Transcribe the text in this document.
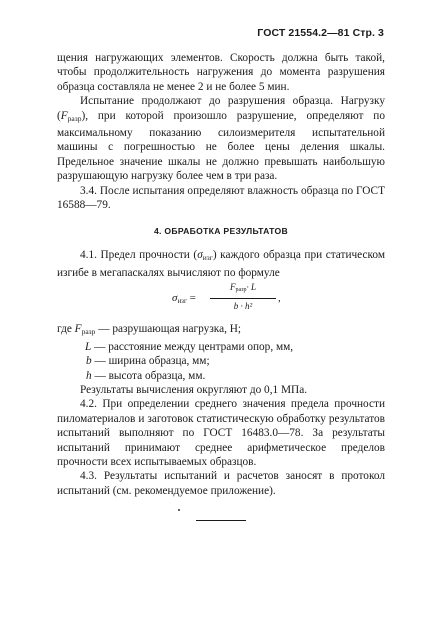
ГОСТ 21554.2—81 Стр. 3

щения нагружающих элементов. Скорость должна быть такой, чтобы продолжительность нагружения до момента разрушения образца составляла не менее 2 и не более 5 мин.

Испытание продолжают до разрушения образца. Нагрузку $(F_{разр})$, при которой произошло разрушение, определяют по максимальному показанию силоизмерителя испытательной машины с погрешностью не более цены деления шкалы. Предельное значение шкалы не должно превышать наибольшую разрушающую нагрузку более чем в три раза.

3.4. После испытания определяют влажность образца по ГОСТ 16588—79.

4. ОБРАБОТКА РЕЗУЛЬТАТОВ

4.1. Предел прочности $(\sigma_{изг})$ каждого образца при статическом изгибе в мегапаскалях вычисляют по формуле

$\sigma_{изг}$ =
$F_{разр}\cdot L$
b · h²
,
где $F_{разр}$ — разрушающая нагрузка, Н;
L — расстояние между центрами опор, мм,
b — ширина образца, мм;
h — высота образца, мм.

Результаты вычисления округляют до 0,1 МПа.

4.2. При определении среднего значения предела прочности пиломатериалов и заготовок статистическую обработку результатов испытаний выполняют по ГОСТ 16483.0—78. За результаты испытаний принимают среднее арифметическое пределов прочности всех испытываемых образцов.

4.3. Результаты испытаний и расчетов заносят в протокол испытаний (см. рекомендуемое приложение).
